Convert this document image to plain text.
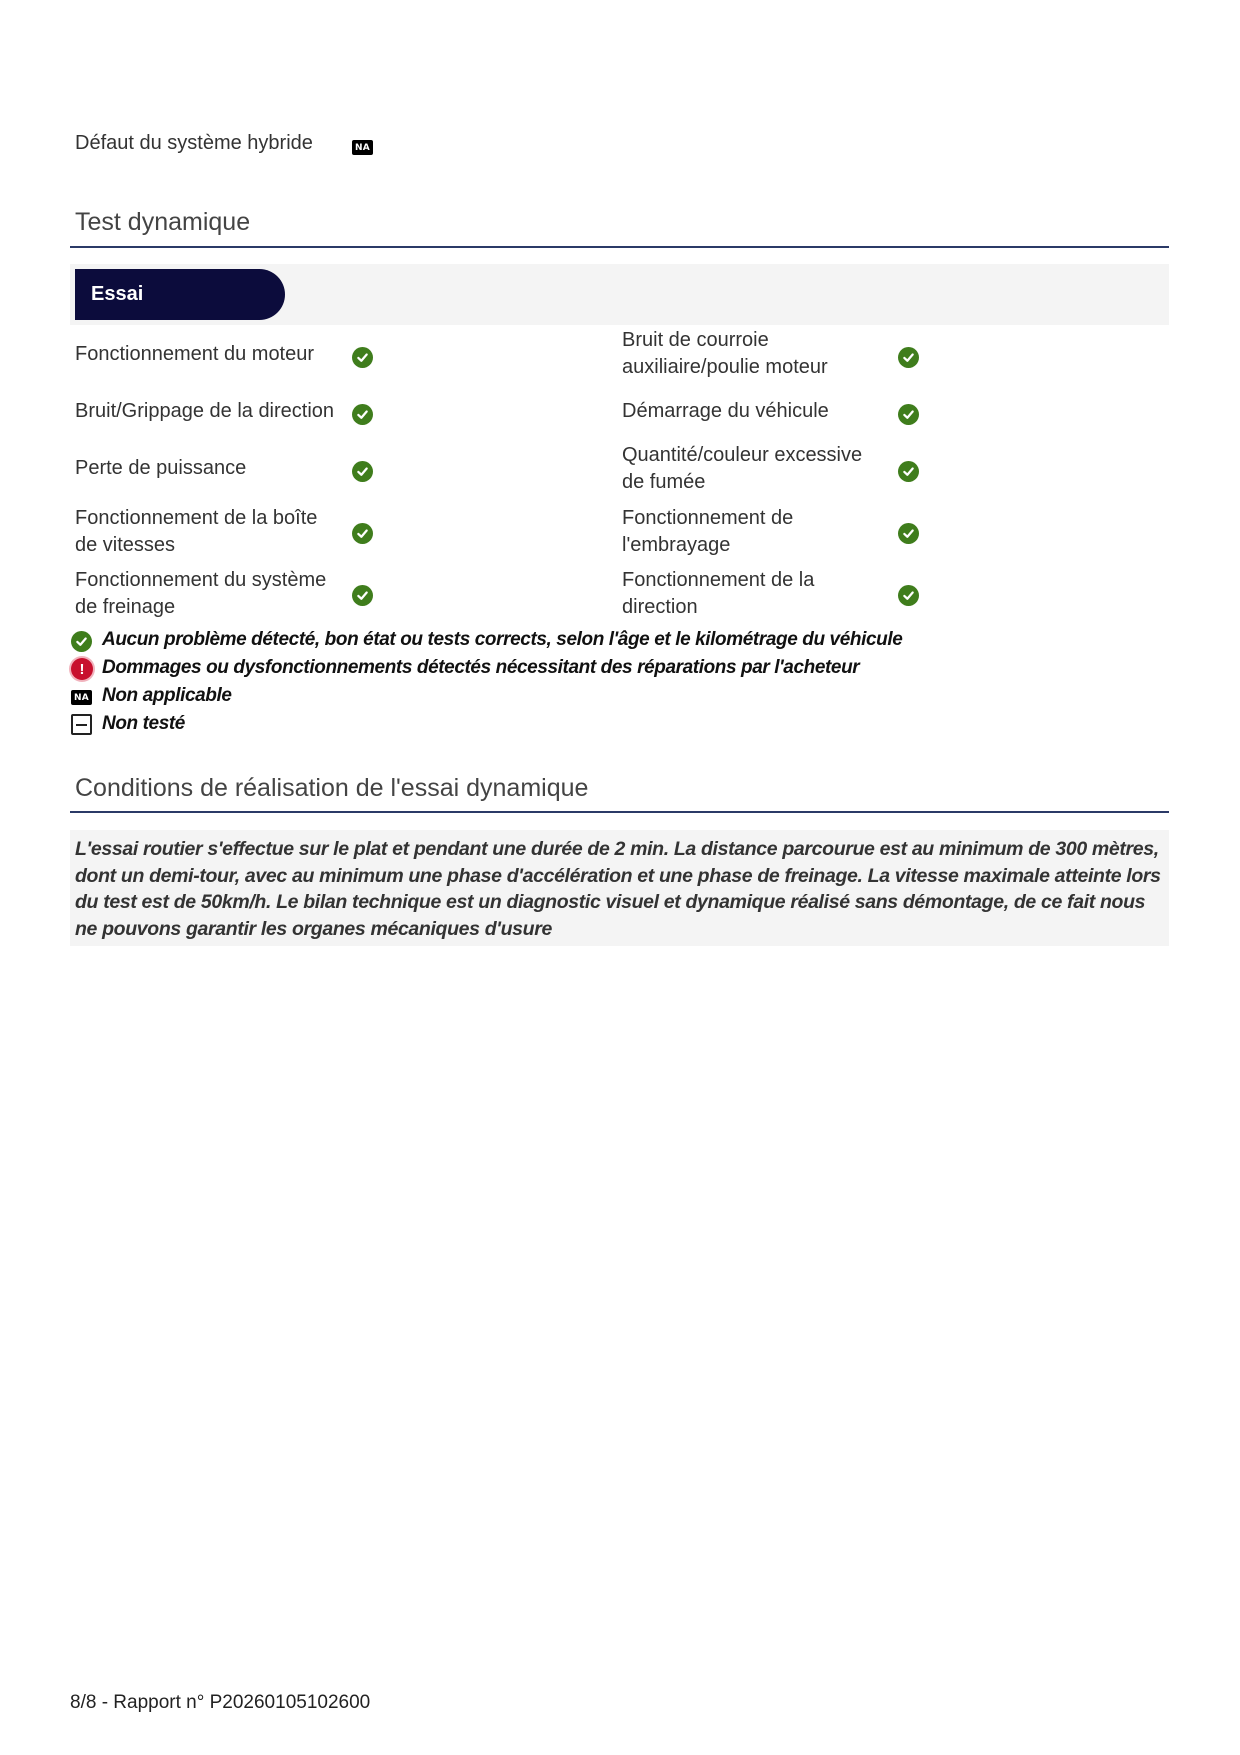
Défaut du système hybride	NA
Test dynamique
Essai
Fonctionnement du moteur
Bruit/Grippage de la direction
Perte de puissance
Fonctionnement de la boîte
de vitesses
Fonctionnement du système
de freinage
Bruit de courroie
auxiliaire/poulie moteur
Démarrage du véhicule
Quantité/couleur excessive
de fumée
Fonctionnement de
l'embrayage
Fonctionnement de la
direction
Aucun problème détecté, bon état ou tests corrects, selon l'âge et le kilométrage du véhicule
! Dommages ou dysfonctionnements détectés nécessitant des réparations par l'acheteur
NA Non applicable
Non testé
Conditions de réalisation de l'essai dynamique
L'essai routier s'effectue sur le plat et pendant une durée de 2 min. La distance parcourue est au minimum de 300 mètres,
dont un demi-tour, avec au minimum une phase d'accélération et une phase de freinage. La vitesse maximale atteinte lors
du test est de 50km/h. Le bilan technique est un diagnostic visuel et dynamique réalisé sans démontage, de ce fait nous
ne pouvons garantir les organes mécaniques d'usure
8/8 - Rapport n° P20260105102600
